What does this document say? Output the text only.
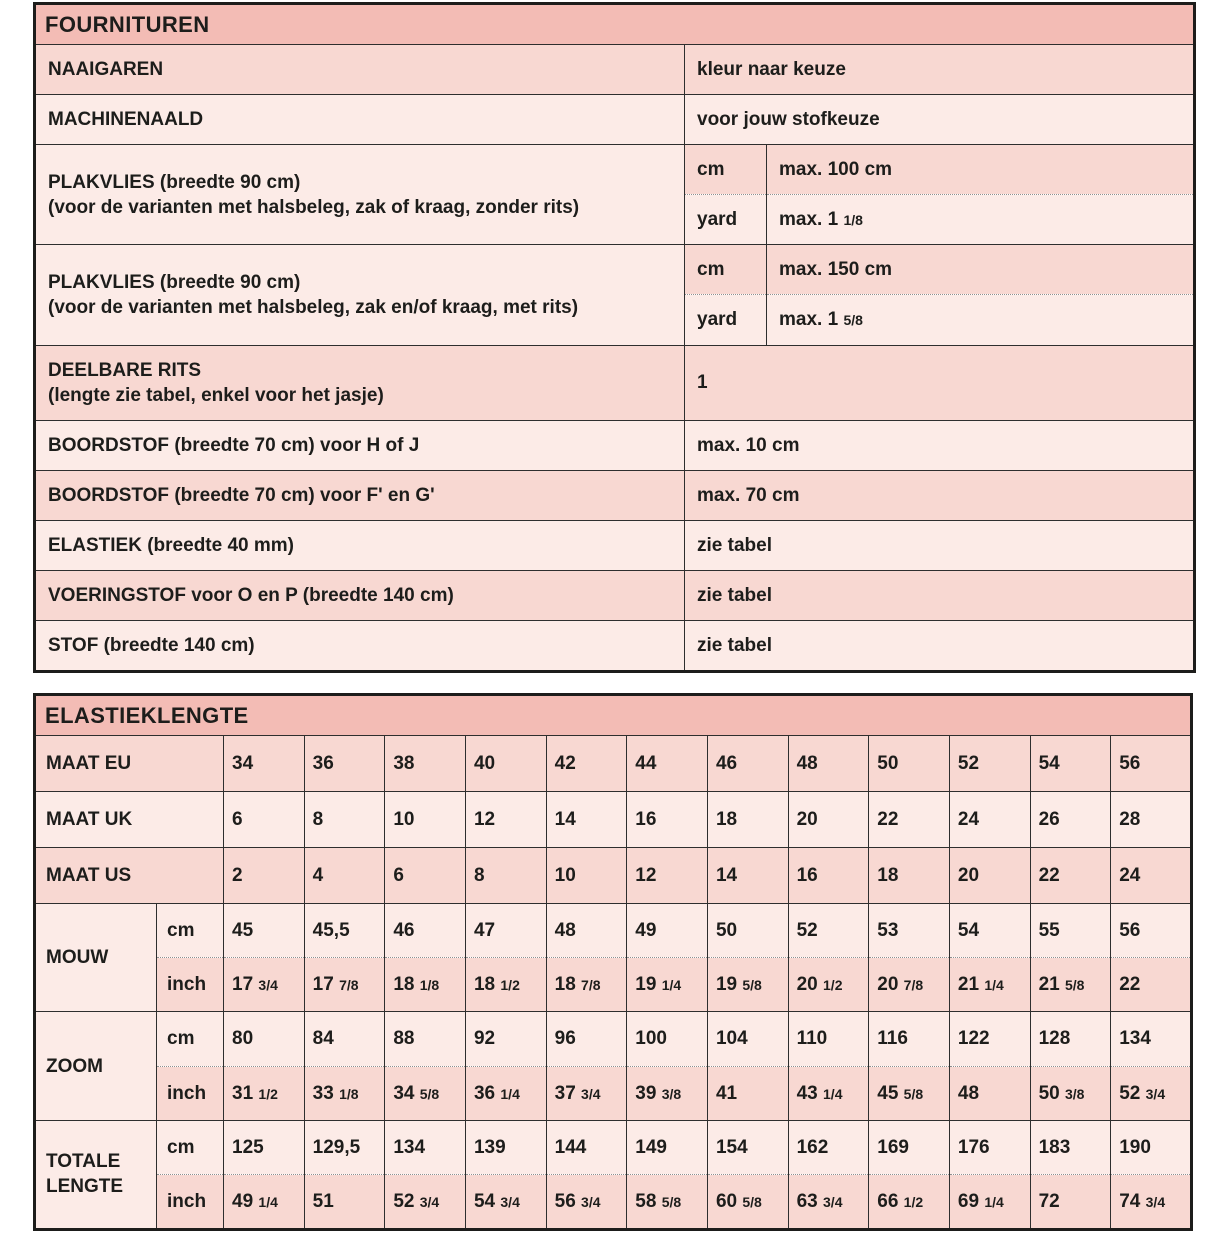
FOURNITUREN		
NAAIGAREN	kleur naar keuze	
MACHINENAALD	voor jouw stofkeuze	

PLAKVLIES (breedte 90 cm)
(voor de varianten met halsbeleg, zak of kraag, zonder rits)	cm	max. 100 cm
	yard	max. 1 1/8

PLAKVLIES (breedte 90 cm)
(voor de varianten met halsbeleg, zak en/of kraag, met rits)	cm	max. 150 cm
	yard	max. 1 5/8

DEELBARE RITS
(lengte zie tabel, enkel voor het jasje)	1	
BOORDSTOF (breedte 70 cm) voor H of J	max. 10 cm	
BOORDSTOF (breedte 70 cm) voor F' en G'	max. 70 cm	
ELASTIEK (breedte 40 mm)	zie tabel	
VOERINGSTOF voor O en P (breedte 140 cm)	zie tabel	
STOF (breedte 140 cm)	zie tabel	
ELASTIEKLENGTE													
MAAT EU		34	36	38	40	42	44	46	48	50	52	54	56
MAAT UK		6	8	10	12	14	16	18	20	22	24	26	28
MAAT US		2	4	6	8	10	12	14	16	18	20	22	24
MOUW	cm	45	45,5	46	47	48	49	50	52	53	54	55	56
	inch	17 3/4	17 7/8	18 1/8	18 1/2	18 7/8	19 1/4	19 5/8	20 1/2	20 7/8	21 1/4	21 5/8	22
ZOOM	cm	80	84	88	92	96	100	104	110	116	122	128	134
	inch	31 1/2	33 1/8	34 5/8	36 1/4	37 3/4	39 3/8	41	43 1/4	45 5/8	48	50 3/8	52 3/4
TOTALE LENGTE	cm	125	129,5	134	139	144	149	154	162	169	176	183	190
	inch	49 1/4	51	52 3/4	54 3/4	56 3/4	58 5/8	60 5/8	63 3/4	66 1/2	69 1/4	72	74 3/4
